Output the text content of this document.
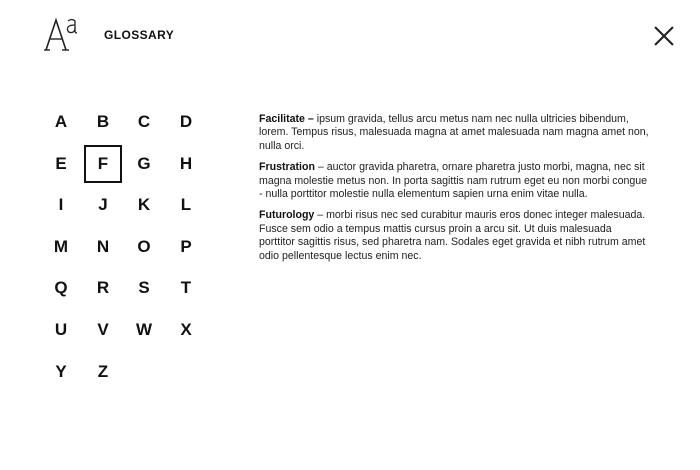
GLOSSARY
A	B	C	D
E	F	G	H
I	J	K	L
M	N	O	P
Q	R	S	T
U	V	W	X
Y	Z

Facilitate – ipsum gravida, tellus arcu metus nam nec nulla ultricies bibendum, lorem. Tempus risus, malesuada magna at amet malesuada nam magna amet non, nulla orci.

Frustration – auctor gravida pharetra, ornare pharetra justo morbi, magna, nec sit magna molestie metus non. In porta sagittis nam rutrum eget eu non morbi congue - nulla porttitor molestie nulla elementum sapien urna enim vitae nulla.

Futurology – morbi risus nec sed curabitur mauris eros donec integer malesuada. Fusce sem odio a tempus mattis cursus proin a arcu sit. Ut duis malesuada porttitor sagittis risus, sed pharetra nam. Sodales eget gravida et nibh rutrum amet odio pellentesque lectus enim nec.
